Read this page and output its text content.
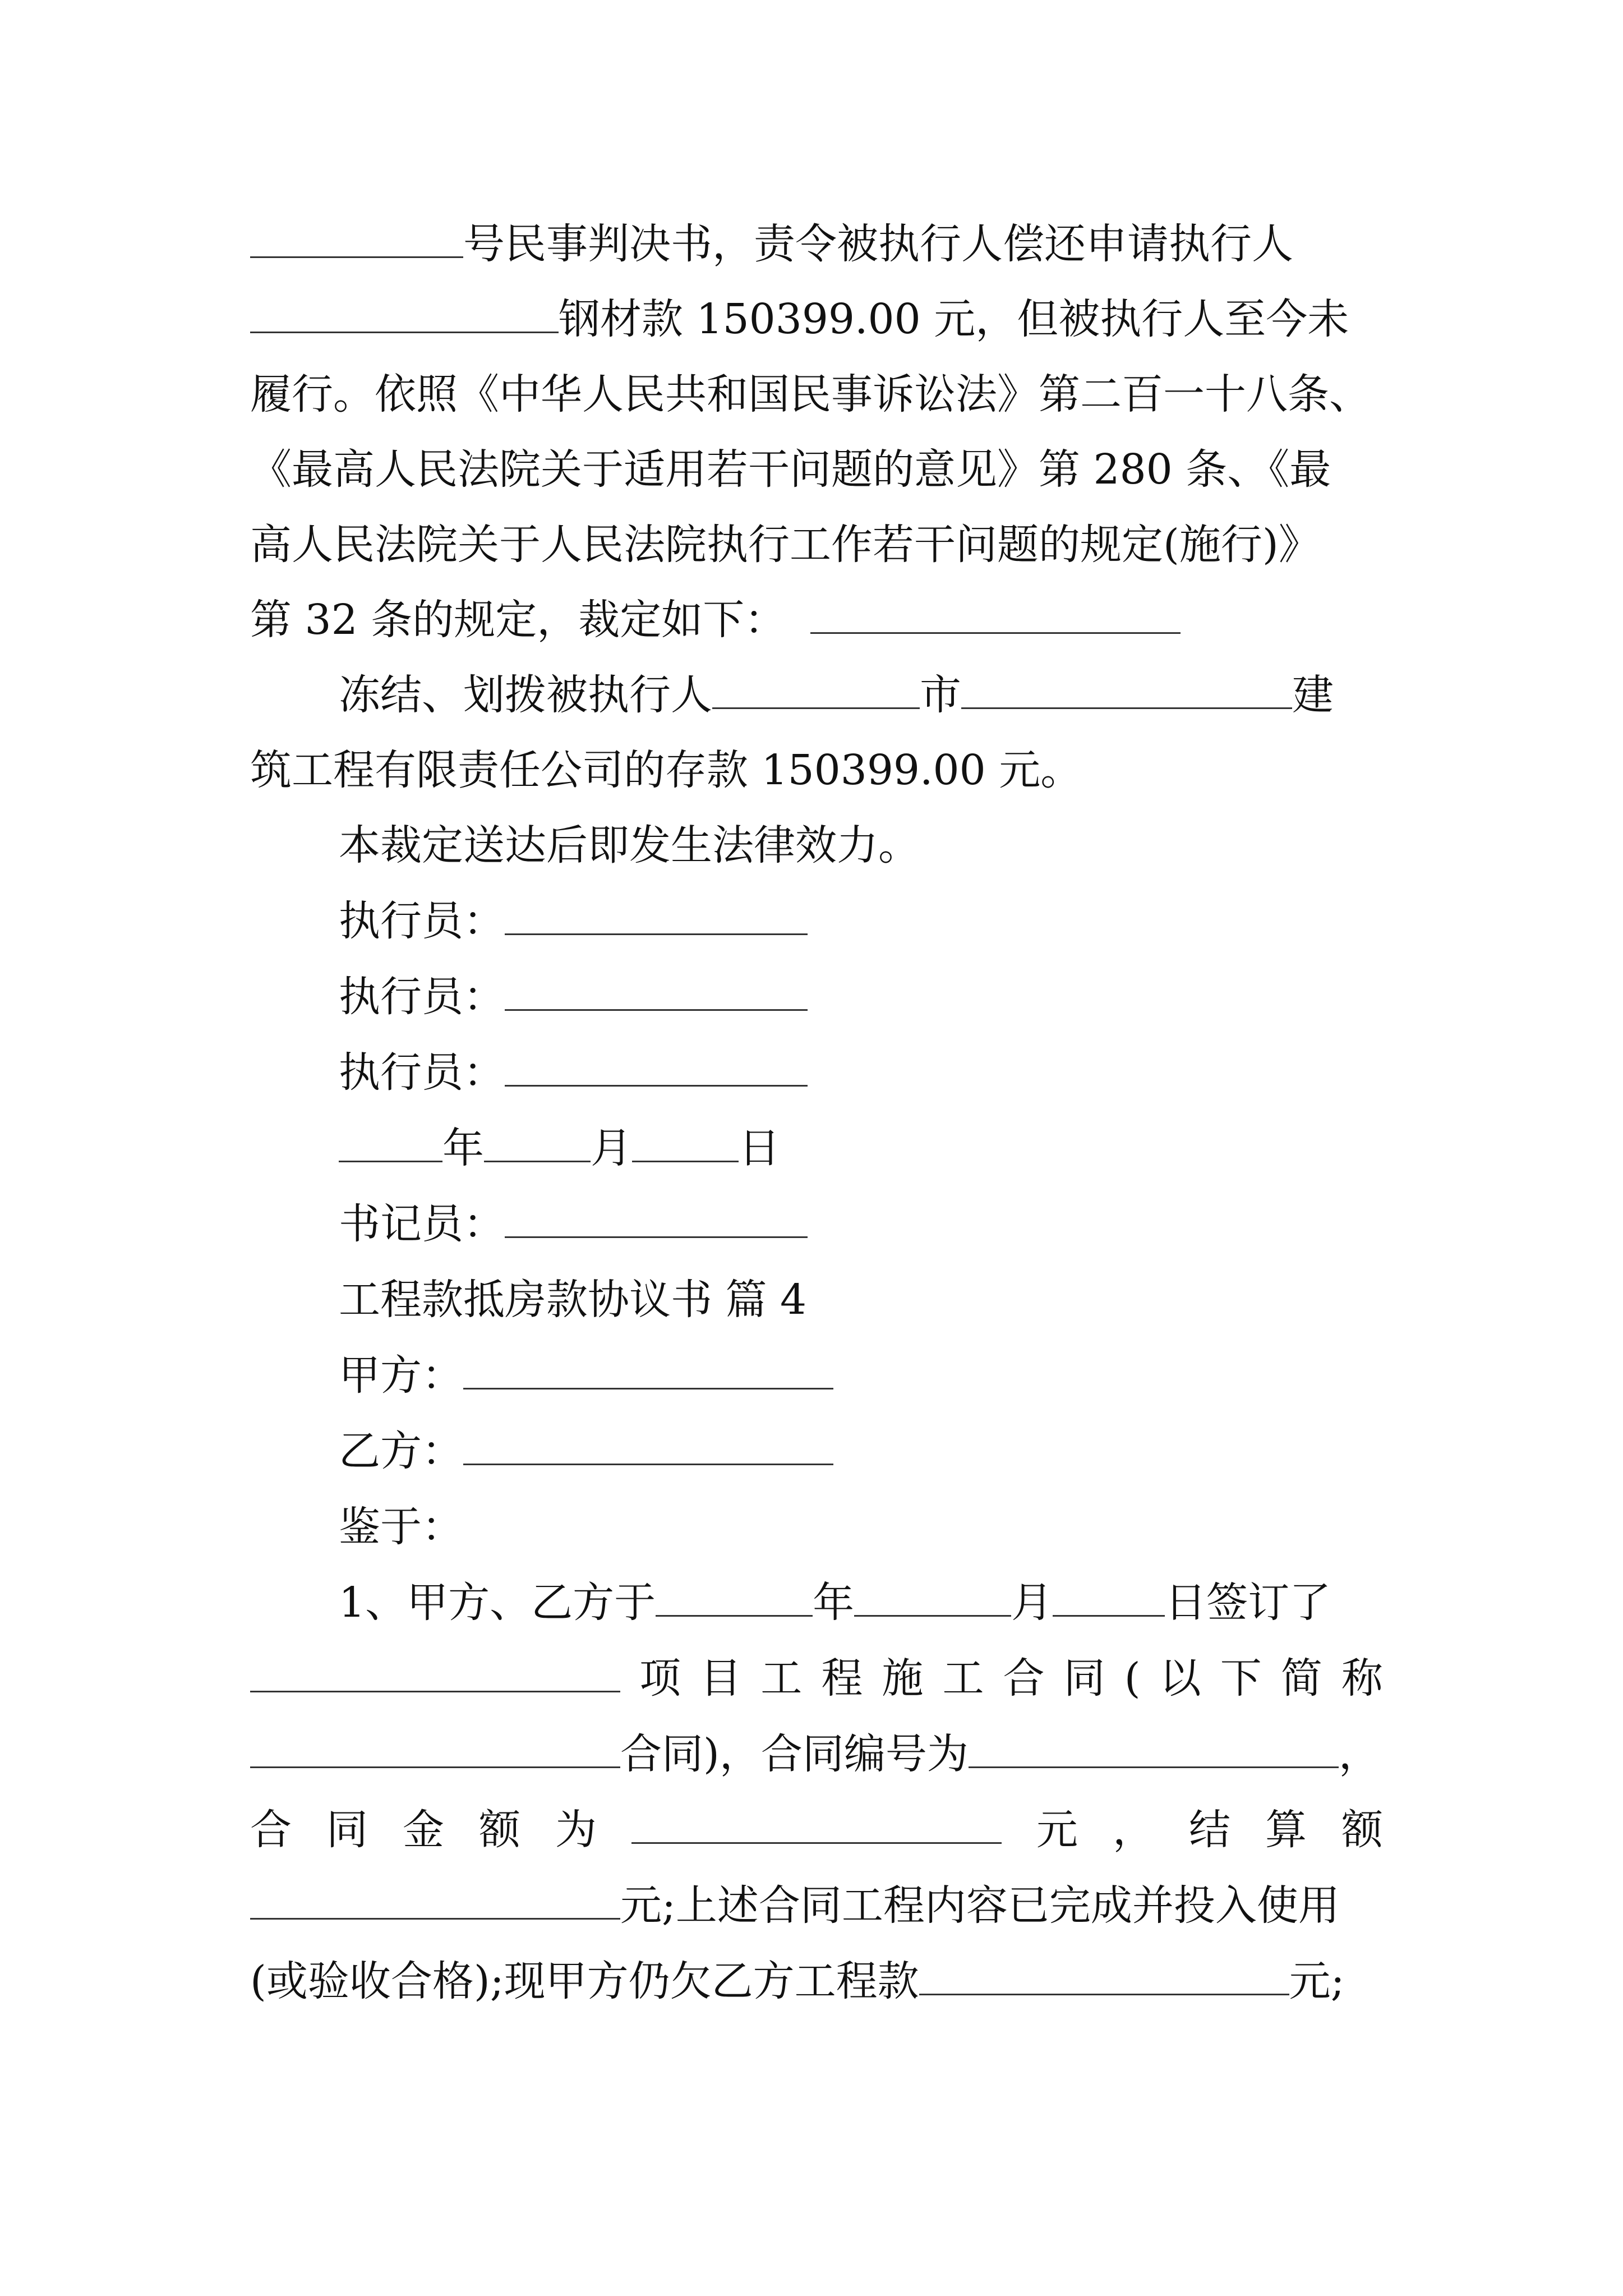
号民事判决书，责令被执行人偿还申请执行人
钢材款 150399.00 元，但被执行人至今未
履行。依照《中华人民共和国民事诉讼法》第二百一十八条、
《最高人民法院关于适用若干问题的意见》第 280 条、《最
高人民法院关于人民法院执行工作若干问题的规定(施行)》
第 32 条的规定，裁定如下：
冻结、划拨被执行人	市	建
筑工程有限责任公司的存款 150399.00 元。
本裁定送达后即发生法律效力。
执行员：
执行员：
执行员：
年	月	日
书记员：
工程款抵房款协议书 篇 4
甲方：
乙方：
鉴于：
1、甲方、乙方于	年	月	日签订了
项 目 工 程 施 工 合 同 ( 以 下 简 称
合同)，合同编号为	，
合 同 金 额 为	元 ， 结 算 额
元;上述合同工程内容已完成并投入使用
(或验收合格);现甲方仍欠乙方工程款	元;
